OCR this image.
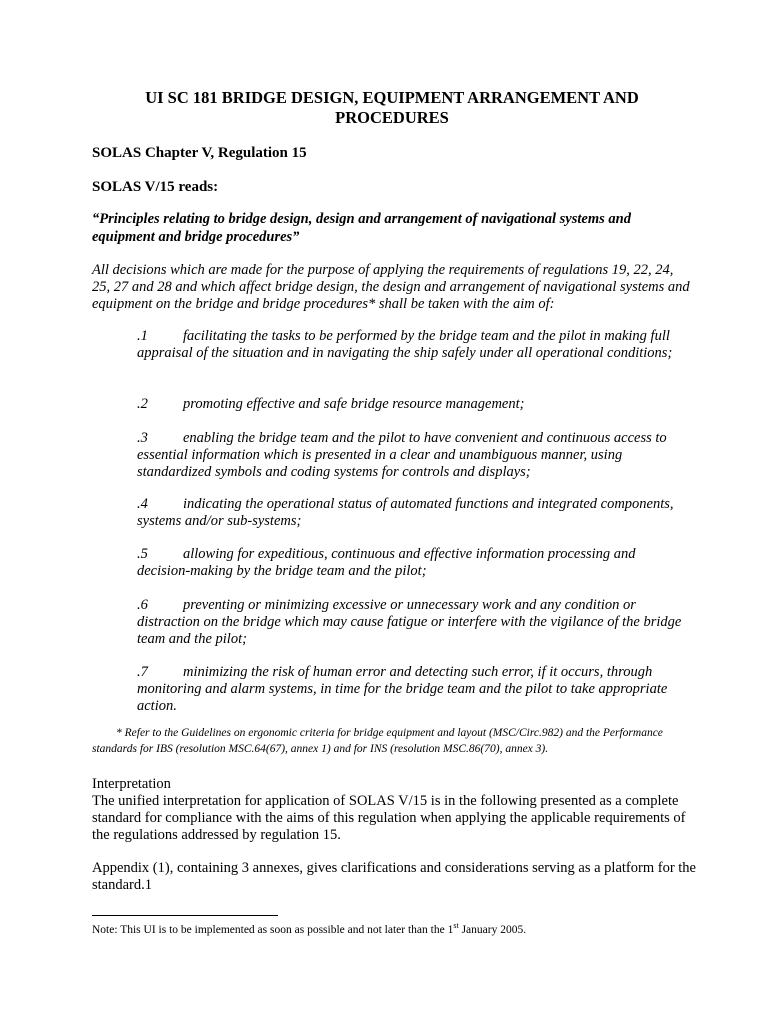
UI SC 181 BRIDGE DESIGN, EQUIPMENT ARRANGEMENT AND PROCEDURES
SOLAS Chapter V, Regulation 15
SOLAS V/15 reads:
“Principles relating to bridge design, design and arrangement of navigational systems and equipment and bridge procedures”
All decisions which are made for the purpose of applying the requirements of regulations 19, 22, 24, 25, 27 and 28 and which affect bridge design, the design and arrangement of navigational systems and equipment on the bridge and bridge procedures* shall be taken with the aim of:
.1 facilitating the tasks to be performed by the bridge team and the pilot in making full appraisal of the situation and in navigating the ship safely under all operational conditions;
.2 promoting effective and safe bridge resource management;
.3 enabling the bridge team and the pilot to have convenient and continuous access to essential information which is presented in a clear and unambiguous manner, using standardized symbols and coding systems for controls and displays;
.4 indicating the operational status of automated functions and integrated components, systems and/or sub-systems;
.5 allowing for expeditious, continuous and effective information processing and decision-making by the bridge team and the pilot;
.6 preventing or minimizing excessive or unnecessary work and any condition or distraction on the bridge which may cause fatigue or interfere with the vigilance of the bridge team and the pilot;
.7 minimizing the risk of human error and detecting such error, if it occurs, through monitoring and alarm systems, in time for the bridge team and the pilot to take appropriate action.
* Refer to the Guidelines on ergonomic criteria for bridge equipment and layout (MSC/Circ.982) and the Performance standards for IBS (resolution MSC.64(67), annex 1) and for INS (resolution MSC.86(70), annex 3).
Interpretation
The unified interpretation for application of SOLAS V/15 is in the following presented as a complete standard for compliance with the aims of this regulation when applying the applicable requirements of the regulations addressed by regulation 15.
Appendix (1), containing 3 annexes, gives clarifications and considerations serving as a platform for the standard.1
Note: This UI is to be implemented as soon as possible and not later than the 1st January 2005.
